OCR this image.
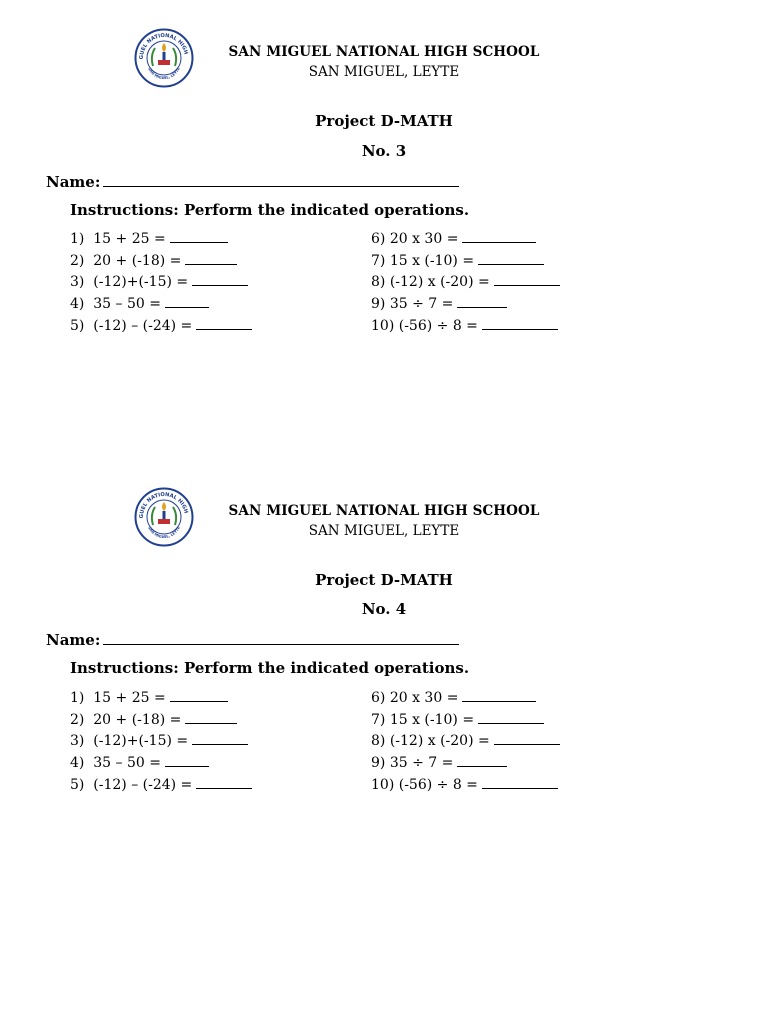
GUEL NATIONAL HIGH
SAN MIGUEL, LEYTE
SAN MIGUEL NATIONAL HIGH SCHOOL
SAN MIGUEL, LEYTE
Project D-MATH
No. 3
Name:
Instructions: Perform the indicated operations.
1)  15 + 25 =
2)  20 + (-18) =
3)  (-12)+(-15) =
4)  35 – 50 =
5)  (-12) – (-24) =
6) 20 x 30 =
7) 15 x (-10) =
8) (-12) x (-20) =
9) 35 ÷ 7 =
10) (-56) ÷ 8 =
GUEL NATIONAL HIGH
SAN MIGUEL, LEYTE
SAN MIGUEL NATIONAL HIGH SCHOOL
SAN MIGUEL, LEYTE
Project D-MATH
No. 4
Name:
Instructions: Perform the indicated operations.
1)  15 + 25 =
2)  20 + (-18) =
3)  (-12)+(-15) =
4)  35 – 50 =
5)  (-12) – (-24) =
6) 20 x 30 =
7) 15 x (-10) =
8) (-12) x (-20) =
9) 35 ÷ 7 =
10) (-56) ÷ 8 =
